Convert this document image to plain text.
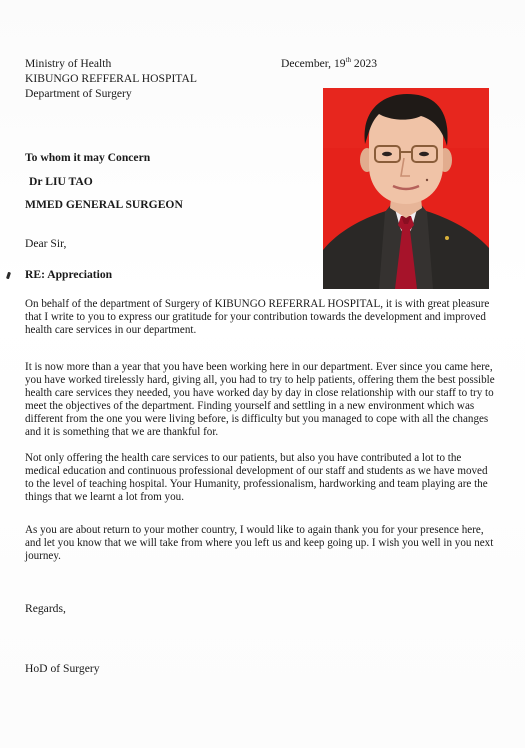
Ministry of Health
KIBUNGO REFFERAL HOSPITAL
Department of Surgery
December, 19th 2023
To whom it may Concern
Dr LIU TAO
MMED GENERAL SURGEON
Dear Sir,
RE: Appreciation
On behalf of the department of Surgery of KIBUNGO REFERRAL HOSPITAL, it is with great pleasure that I write to you to express our gratitude for your contribution towards the development and improved health care services in our department.
It is now more than a year that you have been working here in our department. Ever since you came here, you have worked tirelessly hard, giving all, you had to try to help patients, offering them the best possible health care services they needed, you have worked day by day in close relationship with our staff to try to meet the objectives of the department. Finding yourself and settling in a new environment which was different from the one you were living before, is difficulty but you managed to cope with all the changes and it is something that we are thankful for.
Not only offering the health care services to our patients, but also you have contributed a lot to the medical education and continuous professional development of our staff and students as we have moved to the level of teaching hospital. Your Humanity, professionalism, hardworking and team playing are the things that we learnt a lot from you.
As you are about return to your mother country, I would like to again thank you for your presence here, and let you know that we will take from where you left us and keep going up. I wish you well in you next journey.
Regards,
HoD of Surgery
